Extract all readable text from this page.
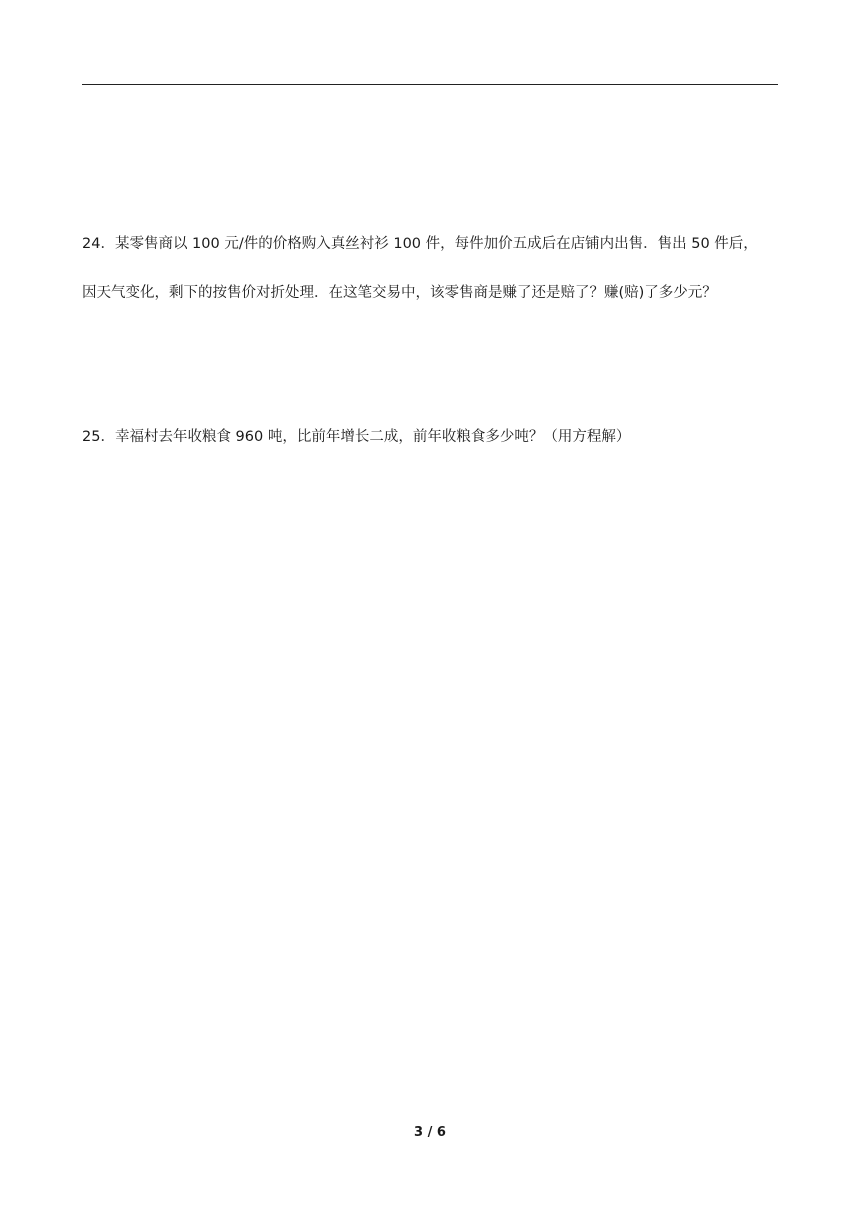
24．某零售商以 100 元/件的价格购入真丝衬衫 100 件，每件加价五成后在店铺内出售．售出 50 件后，
因天气变化，剩下的按售价对折处理．在这笔交易中，该零售商是赚了还是赔了？赚(赔)了多少元？
25．幸福村去年收粮食 960 吨，比前年增长二成，前年收粮食多少吨？（用方程解）
3 / 6
